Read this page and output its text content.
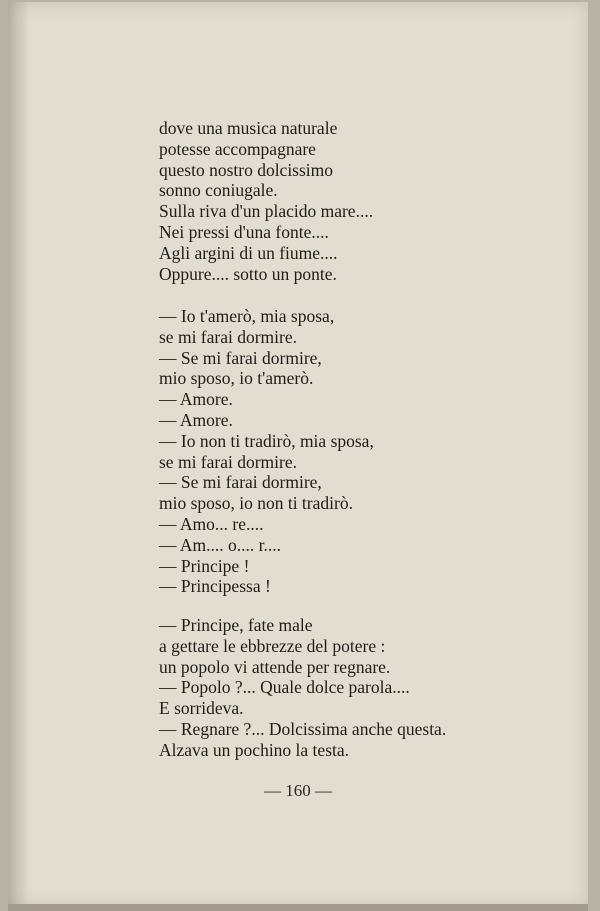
dove una musica naturale
potesse accompagnare
questo nostro dolcissimo
sonno coniugale.
Sulla riva d'un placido mare....
Nei pressi d'una fonte....
Agli argini di un fiume....
Oppure.... sotto un ponte.
— Io t'amerò, mia sposa,
se mi farai dormire.
— Se mi farai dormire,
mio sposo, io t'amerò.
— Amore.
— Amore.
— Io non ti tradirò, mia sposa,
se mi farai dormire.
— Se mi farai dormire,
mio sposo, io non ti tradirò.
— Amo... re....
— Am.... o.... r....
— Principe !
— Principessa !
— Principe, fate male
a gettare le ebbrezze del potere :
un popolo vi attende per regnare.
— Popolo ?... Quale dolce parola....
E sorrideva.
— Regnare ?... Dolcissima anche questa.
Alzava un pochino la testa.
— 160 —
